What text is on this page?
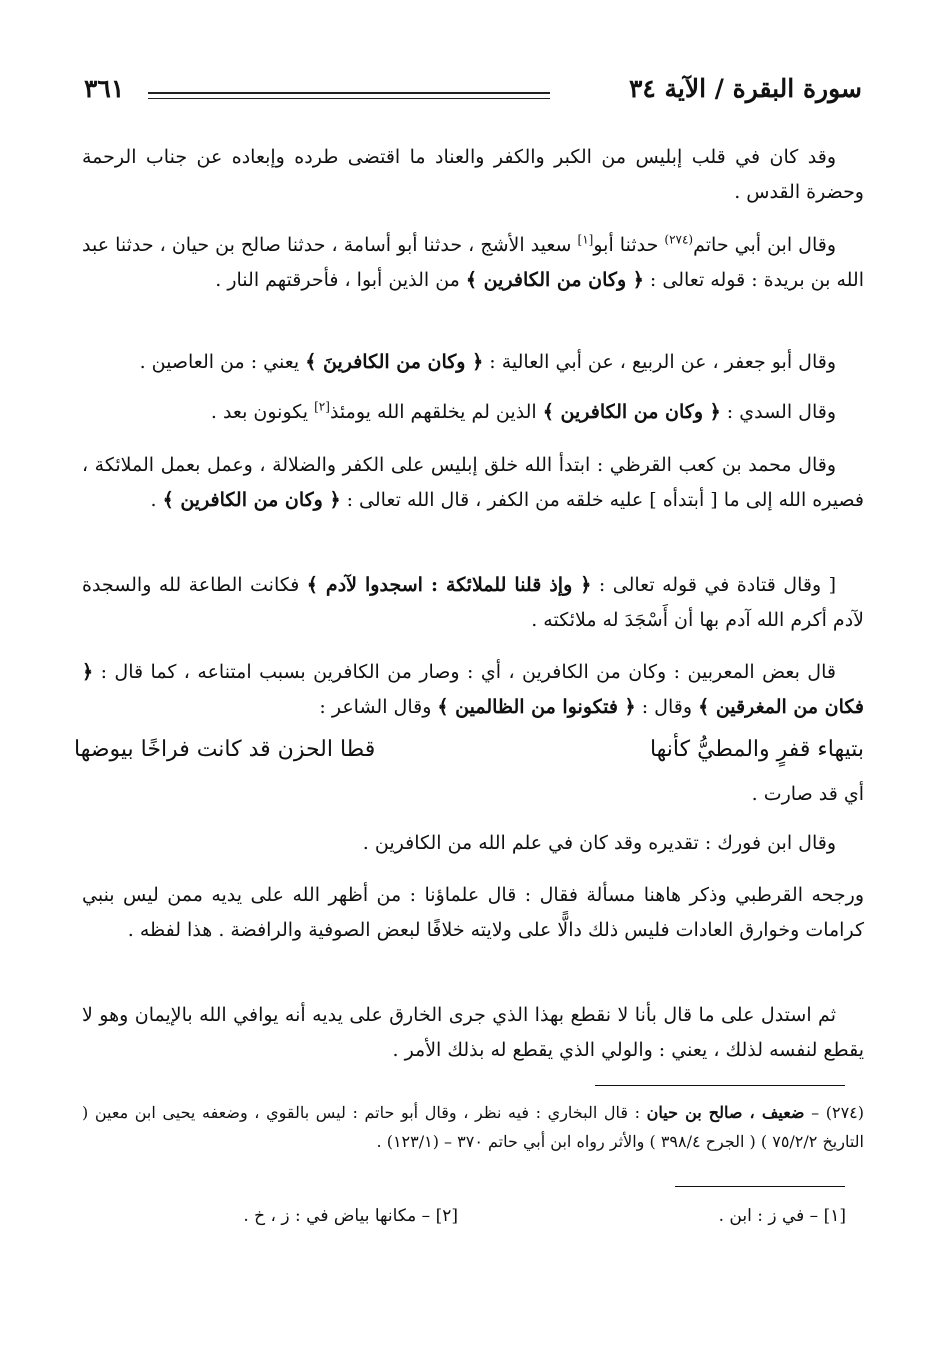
سورة البقرة / الآية ٣٤
٣٦١
وقد كان في قلب إبليس من الكبر والكفر والعناد ما اقتضى طرده وإبعاده عن جناب الرحمة وحضرة القدس .
وقال ابن أبي حاتم$^{(٢٧٤)}$ حدثنا أبو[١] سعيد الأشج ، حدثنا أبو أسامة ، حدثنا صالح بن حيان ، حدثنا عبد الله بن بريدة : قوله تعالى : ﴿ وكان من الكافرين ﴾ من الذين أبوا ، فأحرقتهم النار .
وقال أبو جعفر ، عن الربيع ، عن أبي العالية : ﴿ وكان من الكافرينَ ﴾ يعني : من العاصين .
وقال السدي : ﴿ وكان من الكافرين ﴾ الذين لم يخلقهم الله يومئذ[٢] يكونون بعد .
وقال محمد بن كعب القرظي : ابتدأ الله خلق إبليس على الكفر والضلالة ، وعمل بعمل الملائكة ، فصيره الله إلى ما [ أبتدأه ] عليه خلقه من الكفر ، قال الله تعالى : ﴿ وكان من الكافرين ﴾ .
[ وقال قتادة في قوله تعالى : ﴿ وإذ قلنا للملائكة : اسجدوا لآدم ﴾ فكانت الطاعة لله والسجدة لآدم أكرم الله آدم بها أن أَسْجَدَ له ملائكته .
قال بعض المعربين : وكان من الكافرين ، أي : وصار من الكافرين بسبب امتناعه ، كما قال : ﴿ فكان من المغرقين ﴾ وقال : ﴿ فتكونوا من الظالمين ﴾ وقال الشاعر :
بتيهاء قفرٍ والمطيُّ كأنها
قطا الحزن قد كانت فراخًا بيوضها
أي قد صارت .
وقال ابن فورك : تقديره وقد كان في علم الله من الكافرين .
ورجحه القرطبي وذكر هاهنا مسألة فقال : قال علماؤنا : من أظهر الله على يديه ممن ليس بنبي كرامات وخوارق العادات فليس ذلك دالًّا على ولايته خلافًا لبعض الصوفية والرافضة . هذا لفظه .
ثم استدل على ما قال بأنا لا نقطع بهذا الذي جرى الخارق على يديه أنه يوافي الله بالإيمان وهو لا يقطع لنفسه لذلك ، يعني : والولي الذي يقطع له بذلك الأمر .
(٢٧٤) – ضعيف ، صالح بن حيان : قال البخاري : فيه نظر ، وقال أبو حاتم : ليس بالقوي ، وضعفه يحيى ابن معين ( التاريخ ٧٥/٢/٢ ) ( الجرح ٣٩٨/٤ ) والأثر رواه ابن أبي حاتم ٣٧٠ – (١٢٣/١) .
[١] – في ز : ابن .
[٢] – مكانها بياض في : ز ، خ .
